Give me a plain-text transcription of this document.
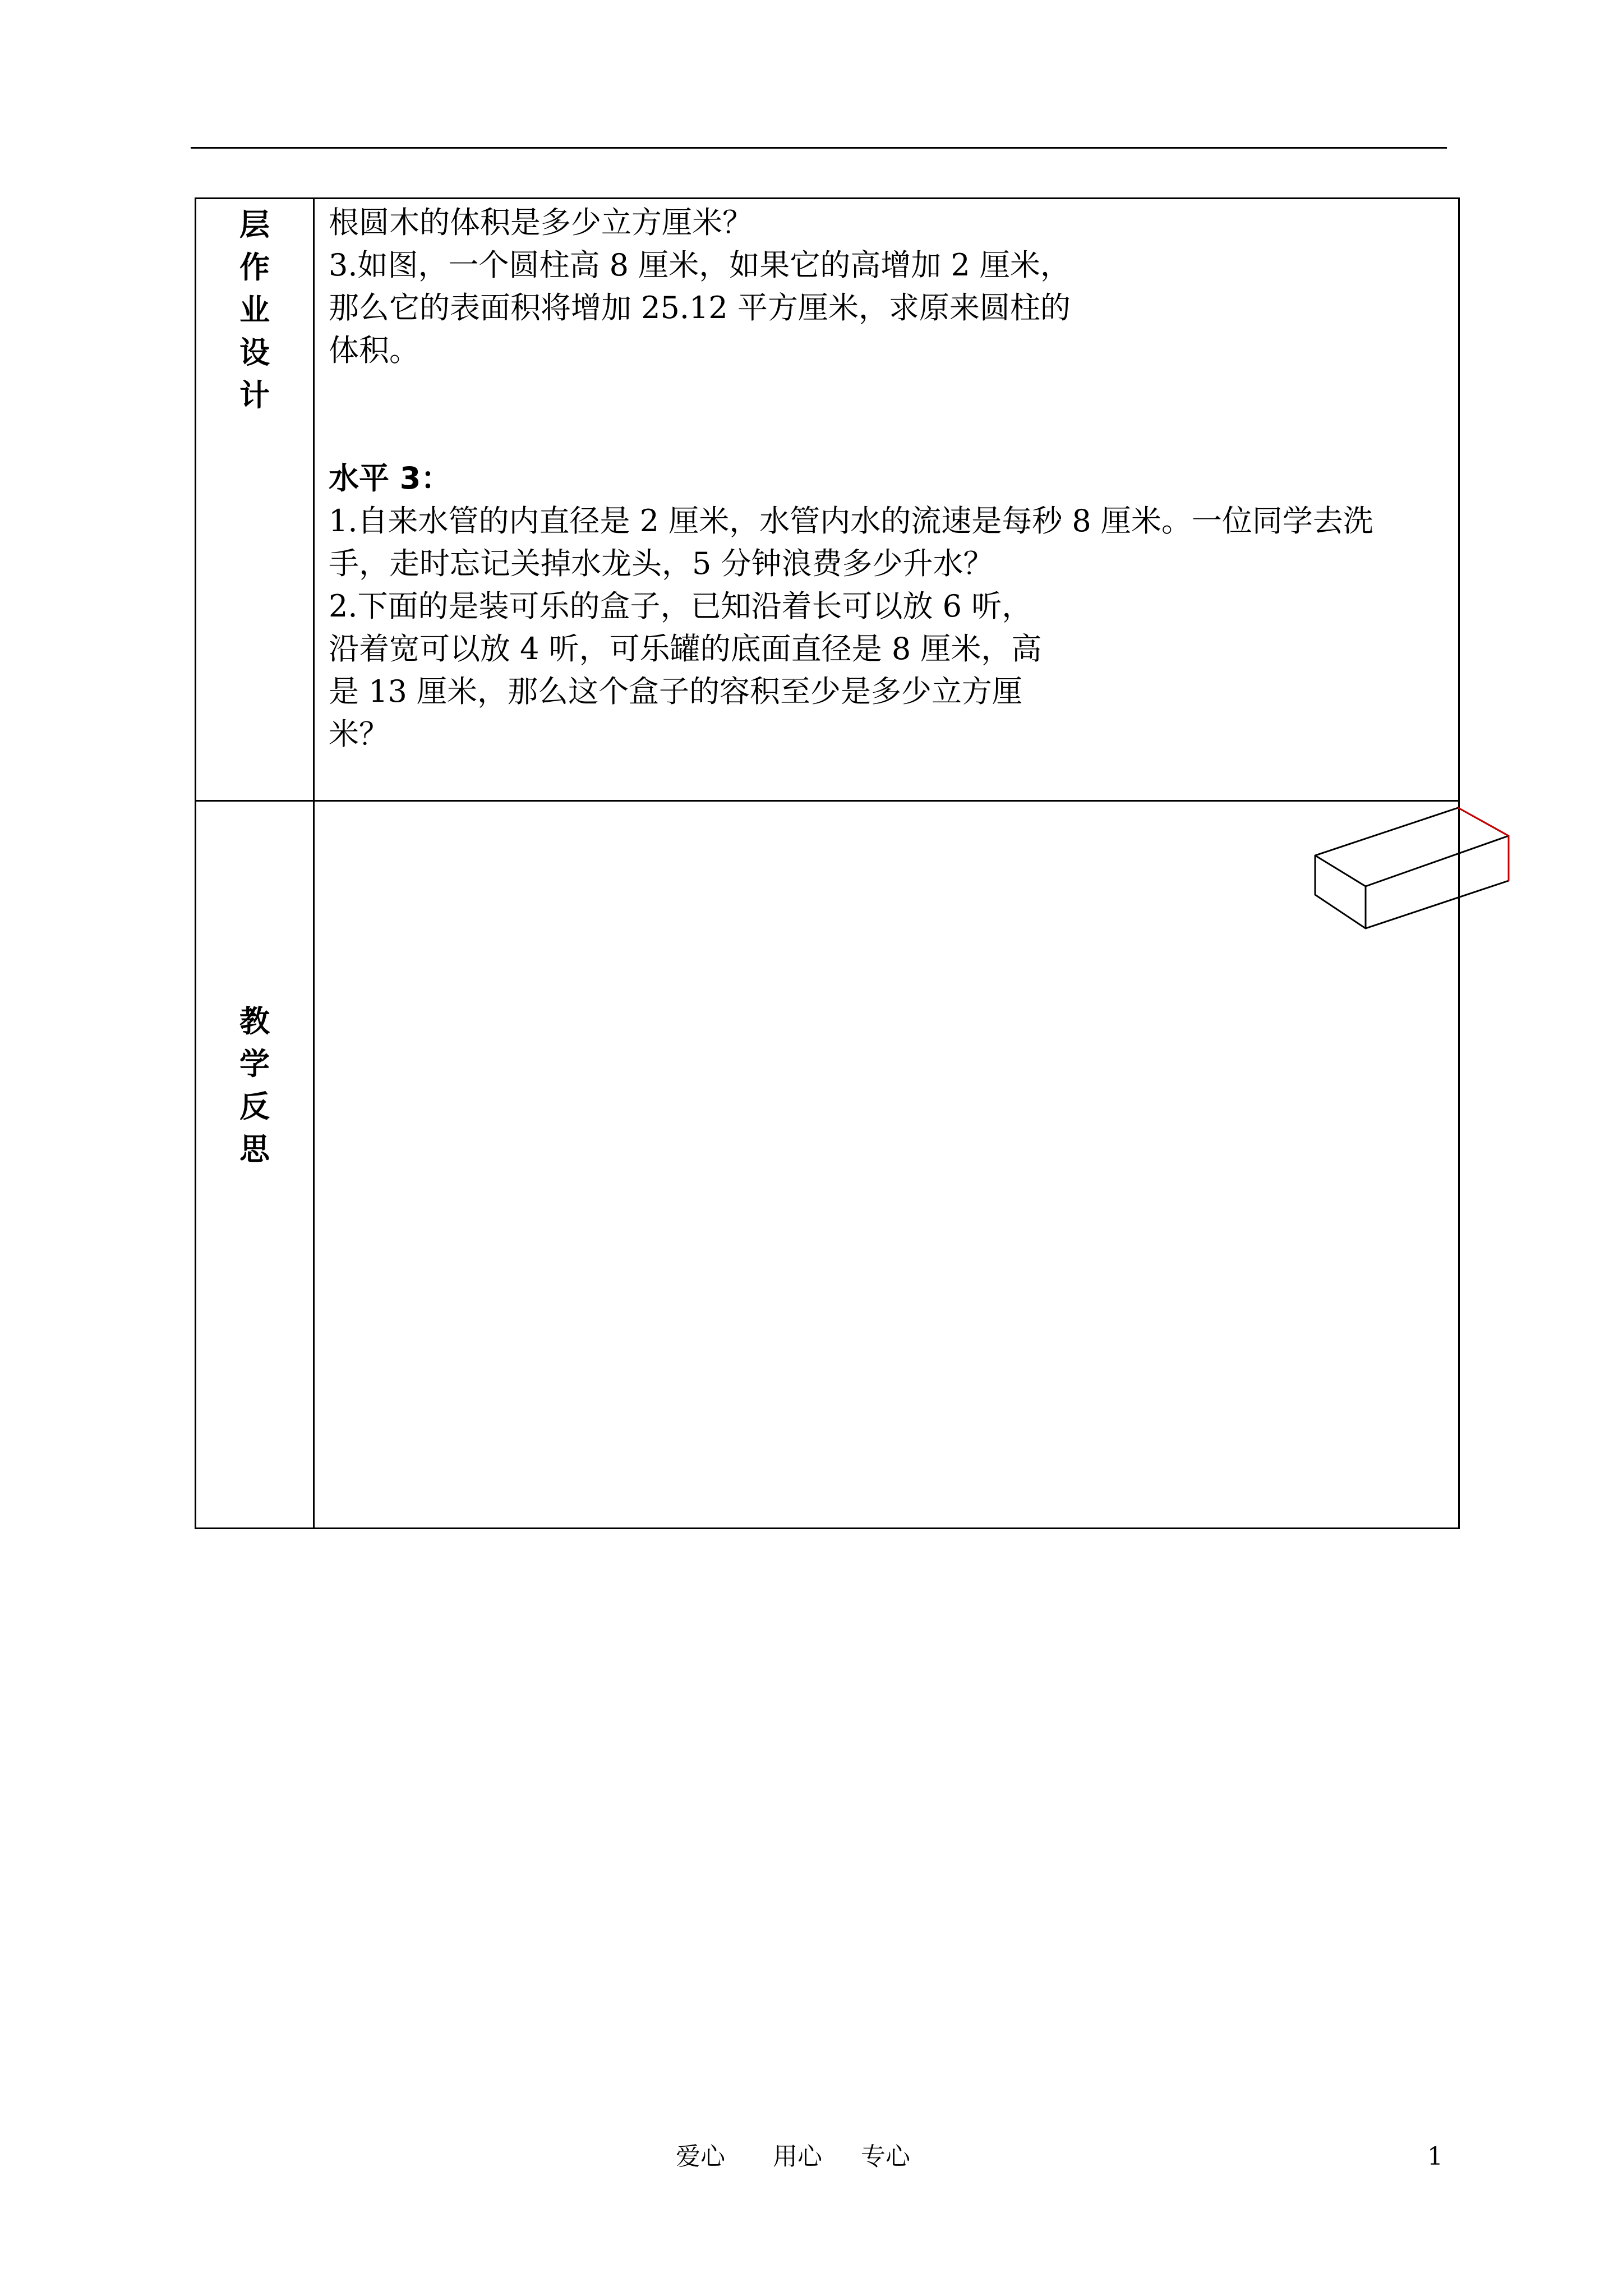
层
作
业
设
计
根圆木的体积是多少立方厘米？
3.如图，一个圆柱高 8 厘米，如果它的高增加 2 厘米，
那么它的表面积将增加 25.12 平方厘米，求原来圆柱的
体积。
水平 3：
1.自来水管的内直径是 2 厘米，水管内水的流速是每秒 8 厘米。一位同学去洗
手，走时忘记关掉水龙头，5 分钟浪费多少升水？
2.下面的是装可乐的盒子，已知沿着长可以放 6 听，
沿着宽可以放 4 听，可乐罐的底面直径是 8 厘米，高
是 13 厘米，那么这个盒子的容积至少是多少立方厘
米？
教
学
反
思
爱心 用心 专心	1
